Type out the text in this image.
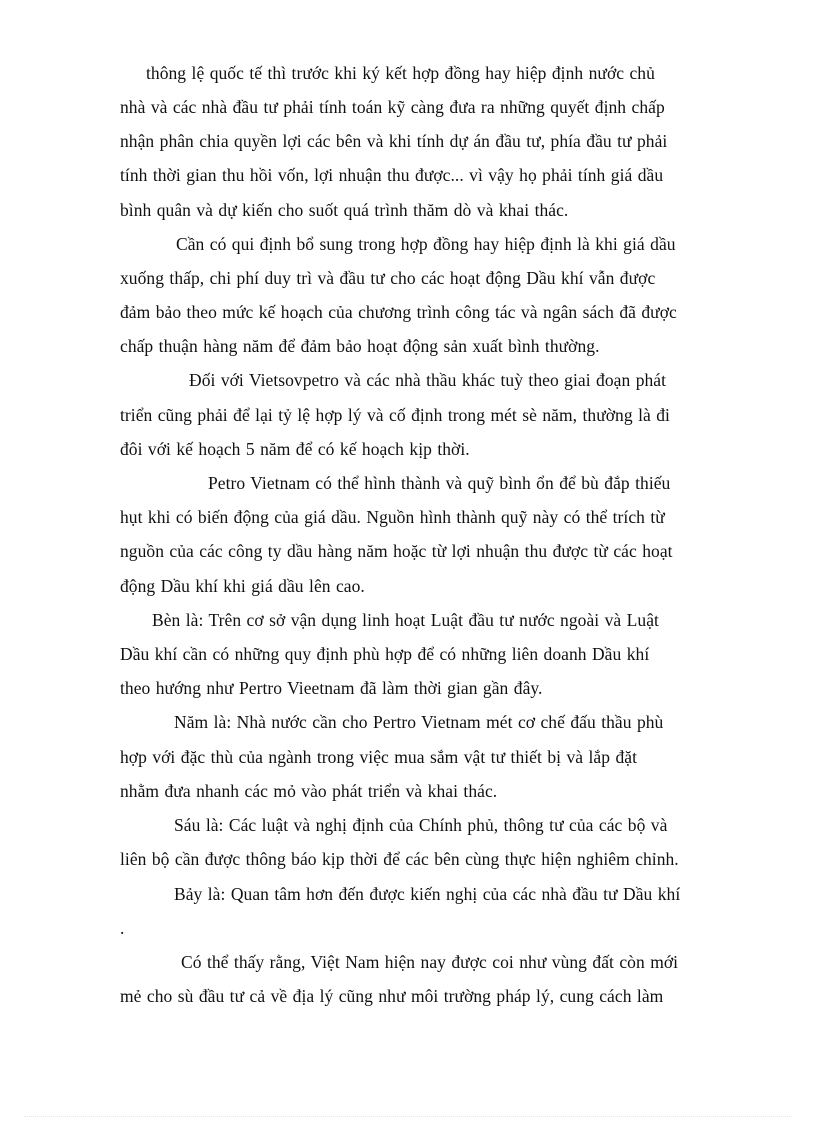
thông lệ quốc tế thì trước khi ký kết hợp đồng hay hiệp định nước chủ
nhà và các nhà đầu tư phải tính toán kỹ càng đưa ra những quyết định chấp
nhận phân chia quyền lợi các bên và khi tính dự án đầu tư, phía đầu tư phải
tính thời gian thu hồi vốn, lợi nhuận thu được... vì vậy họ phải tính giá dầu
bình quân và dự kiến cho suốt quá trình thăm dò và khai thác.
Cần có qui định bổ sung trong hợp đồng hay hiệp định là khi giá dầu
xuống thấp, chi phí duy trì và đầu tư cho các hoạt động Dầu khí vẫn được
đảm bảo theo mức kế hoạch của chương trình công tác và ngân sách đã được
chấp thuận hàng năm để đảm bảo hoạt động sản xuất bình thường.
Đối với Vietsovpetro và các nhà thầu khác tuỳ theo giai đoạn phát
triển cũng phải để lại tỷ lệ hợp lý và cố định trong mét sè năm, thường là đi
đôi với kế hoạch 5 năm để có kế hoạch kịp thời.
Petro Vietnam có thể hình thành và quỹ bình ổn để bù đắp thiếu
hụt khi có biến động của giá dầu. Nguồn hình thành quỹ này có thể trích từ
nguồn của các công ty dầu hàng năm hoặc từ lợi nhuận thu được từ các hoạt
động Dầu khí khi giá dầu lên cao.
Bèn là: Trên cơ sở vận dụng linh hoạt Luật đầu tư nước ngoài và Luật
Dầu khí cần có những quy định phù hợp để có những liên doanh Dầu khí
theo hướng như Pertro Vieetnam đã làm thời gian gần đây.
Năm là: Nhà nước cần cho Pertro Vietnam mét cơ chế đấu thầu phù
hợp với đặc thù của ngành trong việc mua sắm vật tư thiết bị và lắp đặt
nhằm đưa nhanh các mỏ vào phát triển và khai thác.
Sáu là: Các luật và nghị định của Chính phủ, thông tư của các bộ và
liên bộ cần được thông báo kịp thời để các bên cùng thực hiện nghiêm chỉnh.
Bảy là: Quan tâm hơn đến được kiến nghị của các nhà đầu tư Dầu khí
.
Có thể thấy rằng, Việt Nam hiện nay được coi như vùng đất còn mới
mẻ cho sù đầu tư cả về địa lý cũng như môi trường pháp lý, cung cách làm
